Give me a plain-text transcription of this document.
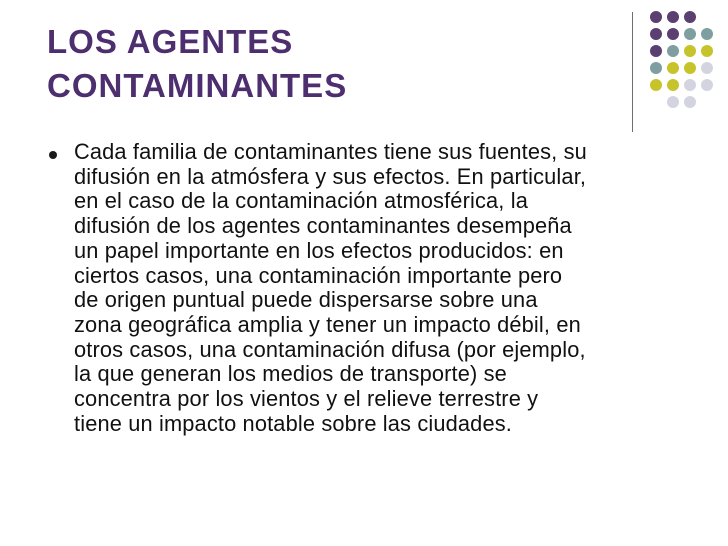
LOS AGENTES
CONTAMINANTES

Cada familia de contaminantes tiene sus fuentes, su
difusión en la atmósfera y sus efectos. En particular,
en el caso de la contaminación atmosférica, la
difusión de los agentes contaminantes desempeña
un papel importante en los efectos producidos: en
ciertos casos, una contaminación importante pero
de origen puntual puede dispersarse sobre una
zona geográfica amplia y tener un impacto débil, en
otros casos, una contaminación difusa (por ejemplo,
la que generan los medios de transporte) se
concentra por los vientos y el relieve terrestre y
tiene un impacto notable sobre las ciudades.
